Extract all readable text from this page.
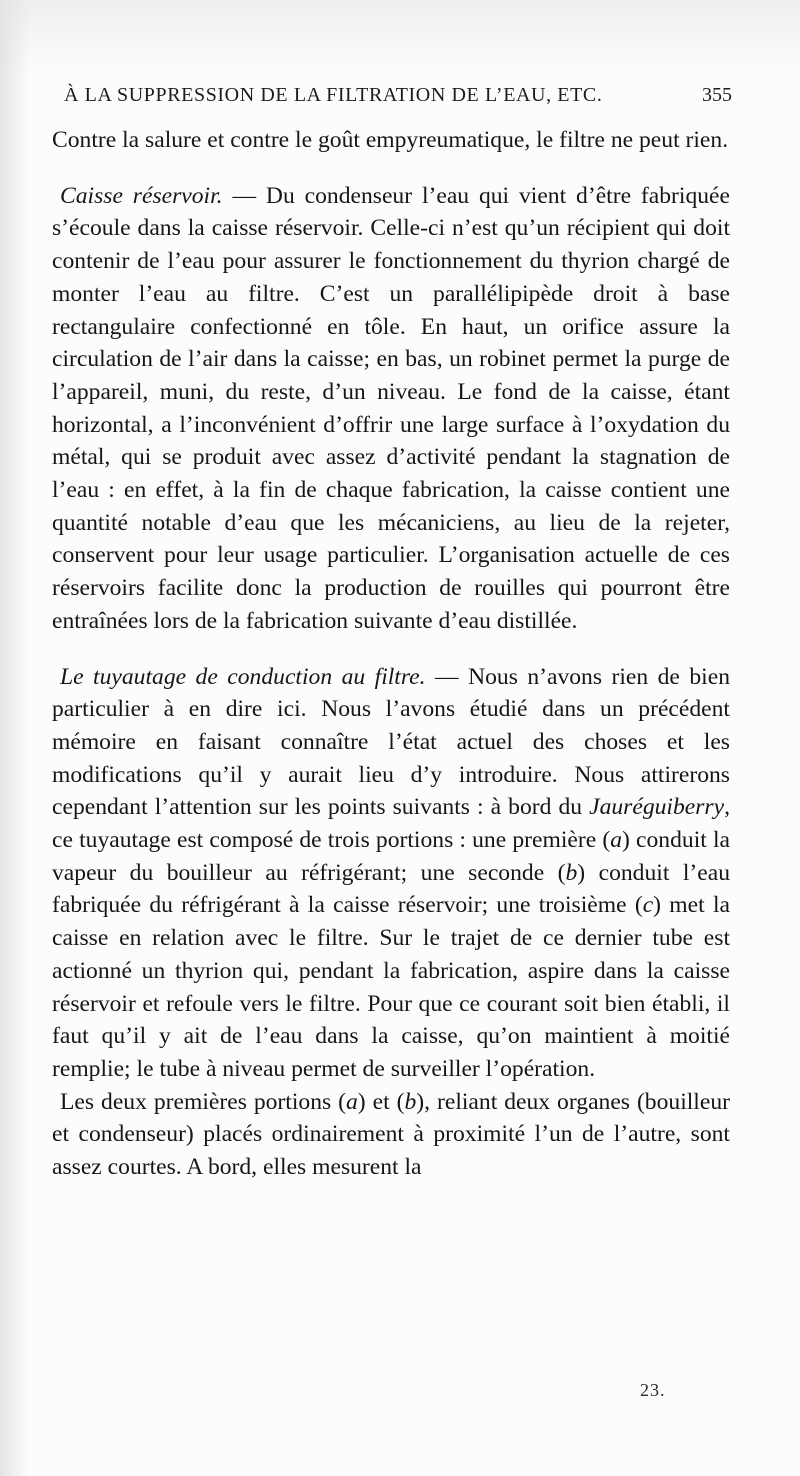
À LA SUPPRESSION DE LA FILTRATION DE L’EAU, ETC.	355

Contre la salure et contre le goût empyreumatique, le filtre ne peut rien.

Caisse réservoir. — Du condenseur l’eau qui vient d’être fabriquée s’écoule dans la caisse réservoir. Celle-ci n’est qu’un récipient qui doit contenir de l’eau pour assurer le fonctionnement du thyrion chargé de monter l’eau au filtre. C’est un parallélipipède droit à base rectangulaire confectionné en tôle. En haut, un orifice assure la circulation de l’air dans la caisse; en bas, un robinet permet la purge de l’appareil, muni, du reste, d’un niveau. Le fond de la caisse, étant horizontal, a l’inconvénient d’offrir une large surface à l’oxydation du métal, qui se produit avec assez d’activité pendant la stagnation de l’eau : en effet, à la fin de chaque fabrication, la caisse contient une quantité notable d’eau que les mécaniciens, au lieu de la rejeter, conservent pour leur usage particulier. L’organisation actuelle de ces réservoirs facilite donc la production de rouilles qui pourront être entraînées lors de la fabrication suivante d’eau distillée.

Le tuyautage de conduction au filtre. — Nous n’avons rien de bien particulier à en dire ici. Nous l’avons étudié dans un précédent mémoire en faisant connaître l’état actuel des choses et les modifications qu’il y aurait lieu d’y introduire. Nous attirerons cependant l’attention sur les points suivants : à bord du Jauréguiberry, ce tuyautage est composé de trois portions : une première (a) conduit la vapeur du bouilleur au réfrigérant; une seconde (b) conduit l’eau fabriquée du réfrigérant à la caisse réservoir; une troisième (c) met la caisse en relation avec le filtre. Sur le trajet de ce dernier tube est actionné un thyrion qui, pendant la fabrication, aspire dans la caisse réservoir et refoule vers le filtre. Pour que ce courant soit bien établi, il faut qu’il y ait de l’eau dans la caisse, qu’on maintient à moitié remplie; le tube à niveau permet de surveiller l’opération.

Les deux premières portions (a) et (b), reliant deux organes (bouilleur et condenseur) placés ordinairement à proximité l’un de l’autre, sont assez courtes. A bord, elles mesurent la

23.
